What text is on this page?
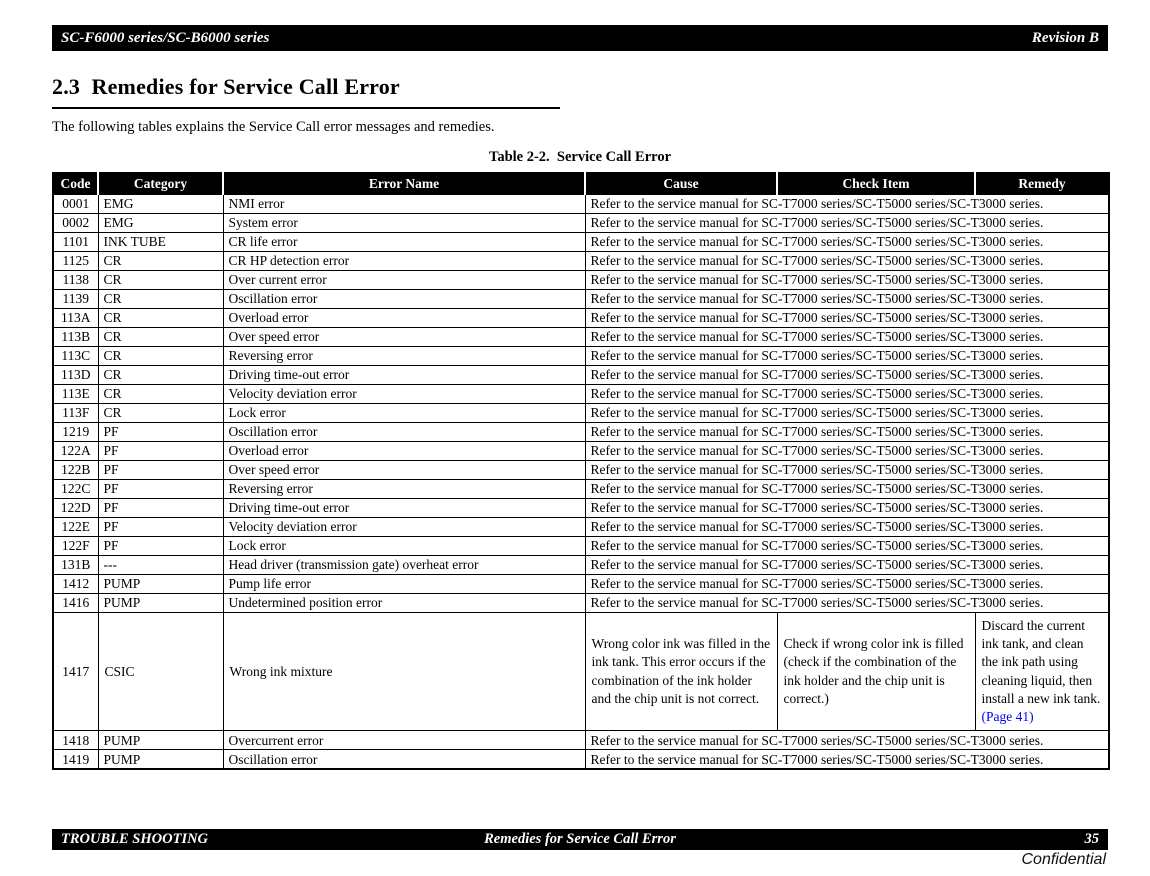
SC-F6000 series/SC-B6000 series	Revision B
2.3  Remedies for Service Call Error

The following tables explains the Service Call error messages and remedies.

Table 2-2.  Service Call Error
Code	Category	Error Name	Cause	Check Item	Remedy
0001	EMG	NMI error	Refer to the service manual for SC-T7000 series/SC-T5000 series/SC-T3000 series.		
0002	EMG	System error	Refer to the service manual for SC-T7000 series/SC-T5000 series/SC-T3000 series.		
1101	INK TUBE	CR life error	Refer to the service manual for SC-T7000 series/SC-T5000 series/SC-T3000 series.		
1125	CR	CR HP detection error	Refer to the service manual for SC-T7000 series/SC-T5000 series/SC-T3000 series.		
1138	CR	Over current error	Refer to the service manual for SC-T7000 series/SC-T5000 series/SC-T3000 series.		
1139	CR	Oscillation error	Refer to the service manual for SC-T7000 series/SC-T5000 series/SC-T3000 series.		
113A	CR	Overload error	Refer to the service manual for SC-T7000 series/SC-T5000 series/SC-T3000 series.		
113B	CR	Over speed error	Refer to the service manual for SC-T7000 series/SC-T5000 series/SC-T3000 series.		
113C	CR	Reversing error	Refer to the service manual for SC-T7000 series/SC-T5000 series/SC-T3000 series.		
113D	CR	Driving time-out error	Refer to the service manual for SC-T7000 series/SC-T5000 series/SC-T3000 series.		
113E	CR	Velocity deviation error	Refer to the service manual for SC-T7000 series/SC-T5000 series/SC-T3000 series.		
113F	CR	Lock error	Refer to the service manual for SC-T7000 series/SC-T5000 series/SC-T3000 series.		
1219	PF	Oscillation error	Refer to the service manual for SC-T7000 series/SC-T5000 series/SC-T3000 series.		
122A	PF	Overload error	Refer to the service manual for SC-T7000 series/SC-T5000 series/SC-T3000 series.		
122B	PF	Over speed error	Refer to the service manual for SC-T7000 series/SC-T5000 series/SC-T3000 series.		
122C	PF	Reversing error	Refer to the service manual for SC-T7000 series/SC-T5000 series/SC-T3000 series.		
122D	PF	Driving time-out error	Refer to the service manual for SC-T7000 series/SC-T5000 series/SC-T3000 series.		
122E	PF	Velocity deviation error	Refer to the service manual for SC-T7000 series/SC-T5000 series/SC-T3000 series.		
122F	PF	Lock error	Refer to the service manual for SC-T7000 series/SC-T5000 series/SC-T3000 series.		
131B	---	Head driver (transmission gate) overheat error	Refer to the service manual for SC-T7000 series/SC-T5000 series/SC-T3000 series.		
1412	PUMP	Pump life error	Refer to the service manual for SC-T7000 series/SC-T5000 series/SC-T3000 series.		
1416	PUMP	Undetermined position error	Refer to the service manual for SC-T7000 series/SC-T5000 series/SC-T3000 series.		
1417	CSIC	Wrong ink mixture	Wrong color ink was filled in the ink tank. This error occurs if the combination of the ink holder and the chip unit is not correct.	Check if wrong color ink is filled (check if the combination of the ink holder and the chip unit is correct.)	Discard the current ink tank, and clean the ink path using cleaning liquid, then install a new ink tank. (Page 41)
1418	PUMP	Overcurrent error	Refer to the service manual for SC-T7000 series/SC-T5000 series/SC-T3000 series.		
1419	PUMP	Oscillation error	Refer to the service manual for SC-T7000 series/SC-T5000 series/SC-T3000 series.		
TROUBLE SHOOTING	Remedies for Service Call Error	35
Confidential
